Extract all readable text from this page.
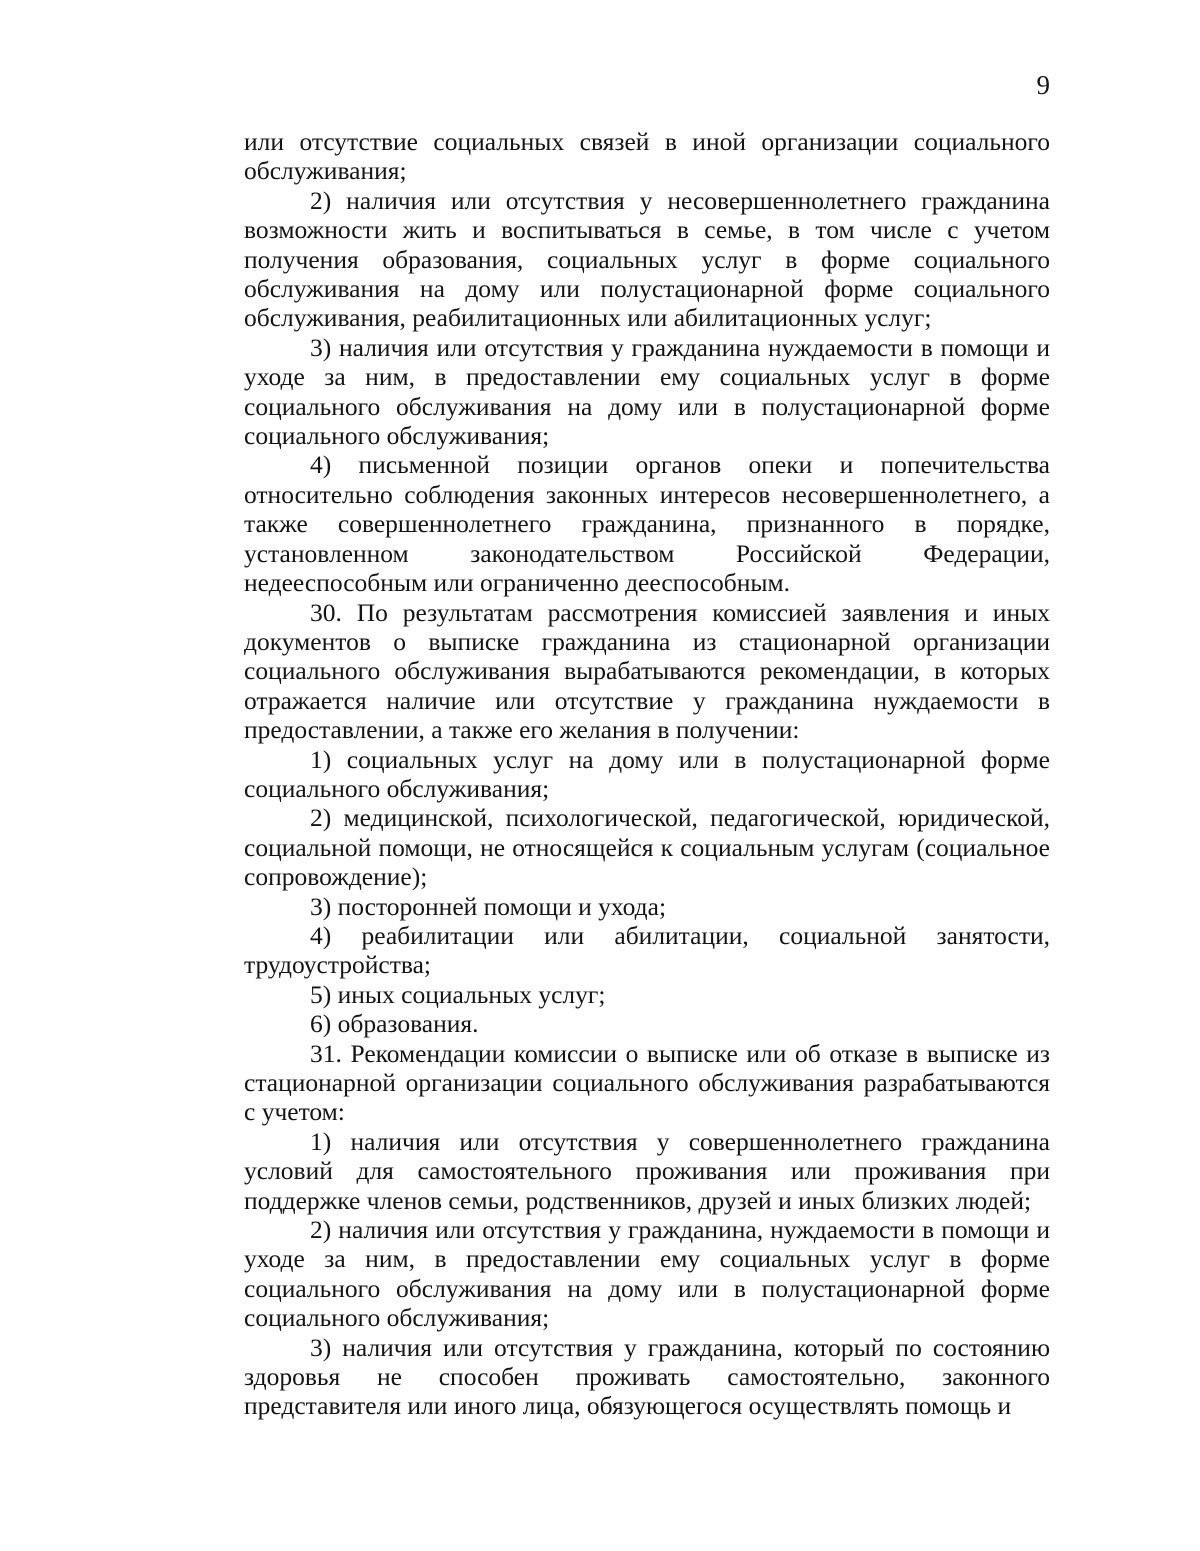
9

или отсутствие социальных связей в иной организации социального обслуживания;

2) наличия или отсутствия у несовершеннолетнего гражданина возможности жить и воспитываться в семье, в том числе с учетом получения образования, социальных услуг в форме социального обслуживания на дому или полустационарной форме социального обслуживания, реабилитационных или абилитационных услуг;

3) наличия или отсутствия у гражданина нуждаемости в помощи и уходе за ним, в предоставлении ему социальных услуг в форме социального обслуживания на дому или в полустационарной форме социального обслуживания;

4) письменной позиции органов опеки и попечительства относительно соблюдения законных интересов несовершеннолетнего, а также совершеннолетнего гражданина, признанного в порядке, установленном законодательством Российской Федерации, недееспособным или ограниченно дееспособным.

30. По результатам рассмотрения комиссией заявления и иных документов о выписке гражданина из стационарной организации социального обслуживания вырабатываются рекомендации, в которых отражается наличие или отсутствие у гражданина нуждаемости в предоставлении, а также его желания в получении:

1) социальных услуг на дому или в полустационарной форме социального обслуживания;

2) медицинской, психологической, педагогической, юридической, социальной помощи, не относящейся к социальным услугам (социальное сопровождение);

3) посторонней помощи и ухода;

4) реабилитации или абилитации, социальной занятости, трудоустройства;

5) иных социальных услуг;

6) образования.

31. Рекомендации комиссии о выписке или об отказе в выписке из стационарной организации социального обслуживания разрабатываются с учетом:

1) наличия или отсутствия у совершеннолетнего гражданина условий для самостоятельного проживания или проживания при поддержке членов семьи, родственников, друзей и иных близких людей;

2) наличия или отсутствия у гражданина, нуждаемости в помощи и уходе за ним, в предоставлении ему социальных услуг в форме социального обслуживания на дому или в полустационарной форме социального обслуживания;

3) наличия или отсутствия у гражданина, который по состоянию здоровья не способен проживать самостоятельно, законного представителя или иного лица, обязующегося осуществлять помощь и
